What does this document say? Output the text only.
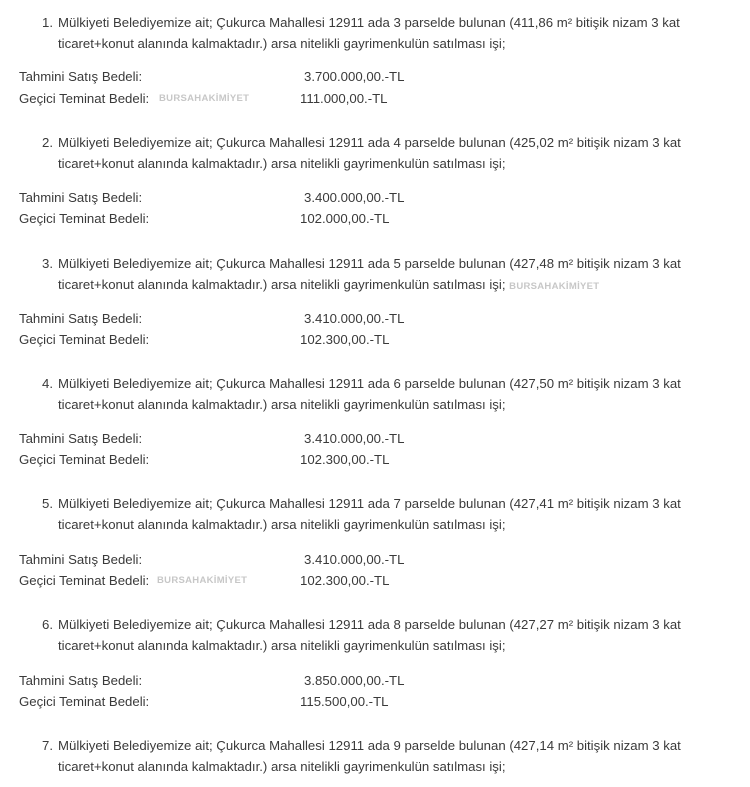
1. Mülkiyeti Belediyemize ait; Çukurca Mahallesi 12911 ada 3 parselde bulunan (411,86 m² bitişik nizam 3 kat
ticaret+konut alanında kalmaktadır.) arsa nitelikli gayrimenkulün satılması işi;
Tahmini Satış Bedeli:	3.700.000,00.-TL
Geçici Teminat Bedeli: BURSAHAKİMİYET	111.000,00.-TL
2. Mülkiyeti Belediyemize ait; Çukurca Mahallesi 12911 ada 4 parselde bulunan (425,02 m² bitişik nizam 3 kat
ticaret+konut alanında kalmaktadır.) arsa nitelikli gayrimenkulün satılması işi;
Tahmini Satış Bedeli:	3.400.000,00.-TL
Geçici Teminat Bedeli:	102.000,00.-TL
3. Mülkiyeti Belediyemize ait; Çukurca Mahallesi 12911 ada 5 parselde bulunan (427,48 m² bitişik nizam 3 kat
ticaret+konut alanında kalmaktadır.) arsa nitelikli gayrimenkulün satılması işi; BURSAHAKİMİYET
Tahmini Satış Bedeli:	3.410.000,00.-TL
Geçici Teminat Bedeli:	102.300,00.-TL
4. Mülkiyeti Belediyemize ait; Çukurca Mahallesi 12911 ada 6 parselde bulunan (427,50 m² bitişik nizam 3 kat
ticaret+konut alanında kalmaktadır.) arsa nitelikli gayrimenkulün satılması işi;
Tahmini Satış Bedeli:	3.410.000,00.-TL
Geçici Teminat Bedeli:	102.300,00.-TL
5. Mülkiyeti Belediyemize ait; Çukurca Mahallesi 12911 ada 7 parselde bulunan (427,41 m² bitişik nizam 3 kat
ticaret+konut alanında kalmaktadır.) arsa nitelikli gayrimenkulün satılması işi;
Tahmini Satış Bedeli:	3.410.000,00.-TL
Geçici Teminat Bedeli: BURSAHAKİMİYET	102.300,00.-TL
6. Mülkiyeti Belediyemize ait; Çukurca Mahallesi 12911 ada 8 parselde bulunan (427,27 m² bitişik nizam 3 kat
ticaret+konut alanında kalmaktadır.) arsa nitelikli gayrimenkulün satılması işi;
Tahmini Satış Bedeli:	3.850.000,00.-TL
Geçici Teminat Bedeli:	115.500,00.-TL
7. Mülkiyeti Belediyemize ait; Çukurca Mahallesi 12911 ada 9 parselde bulunan (427,14 m² bitişik nizam 3 kat
ticaret+konut alanında kalmaktadır.) arsa nitelikli gayrimenkulün satılması işi;
